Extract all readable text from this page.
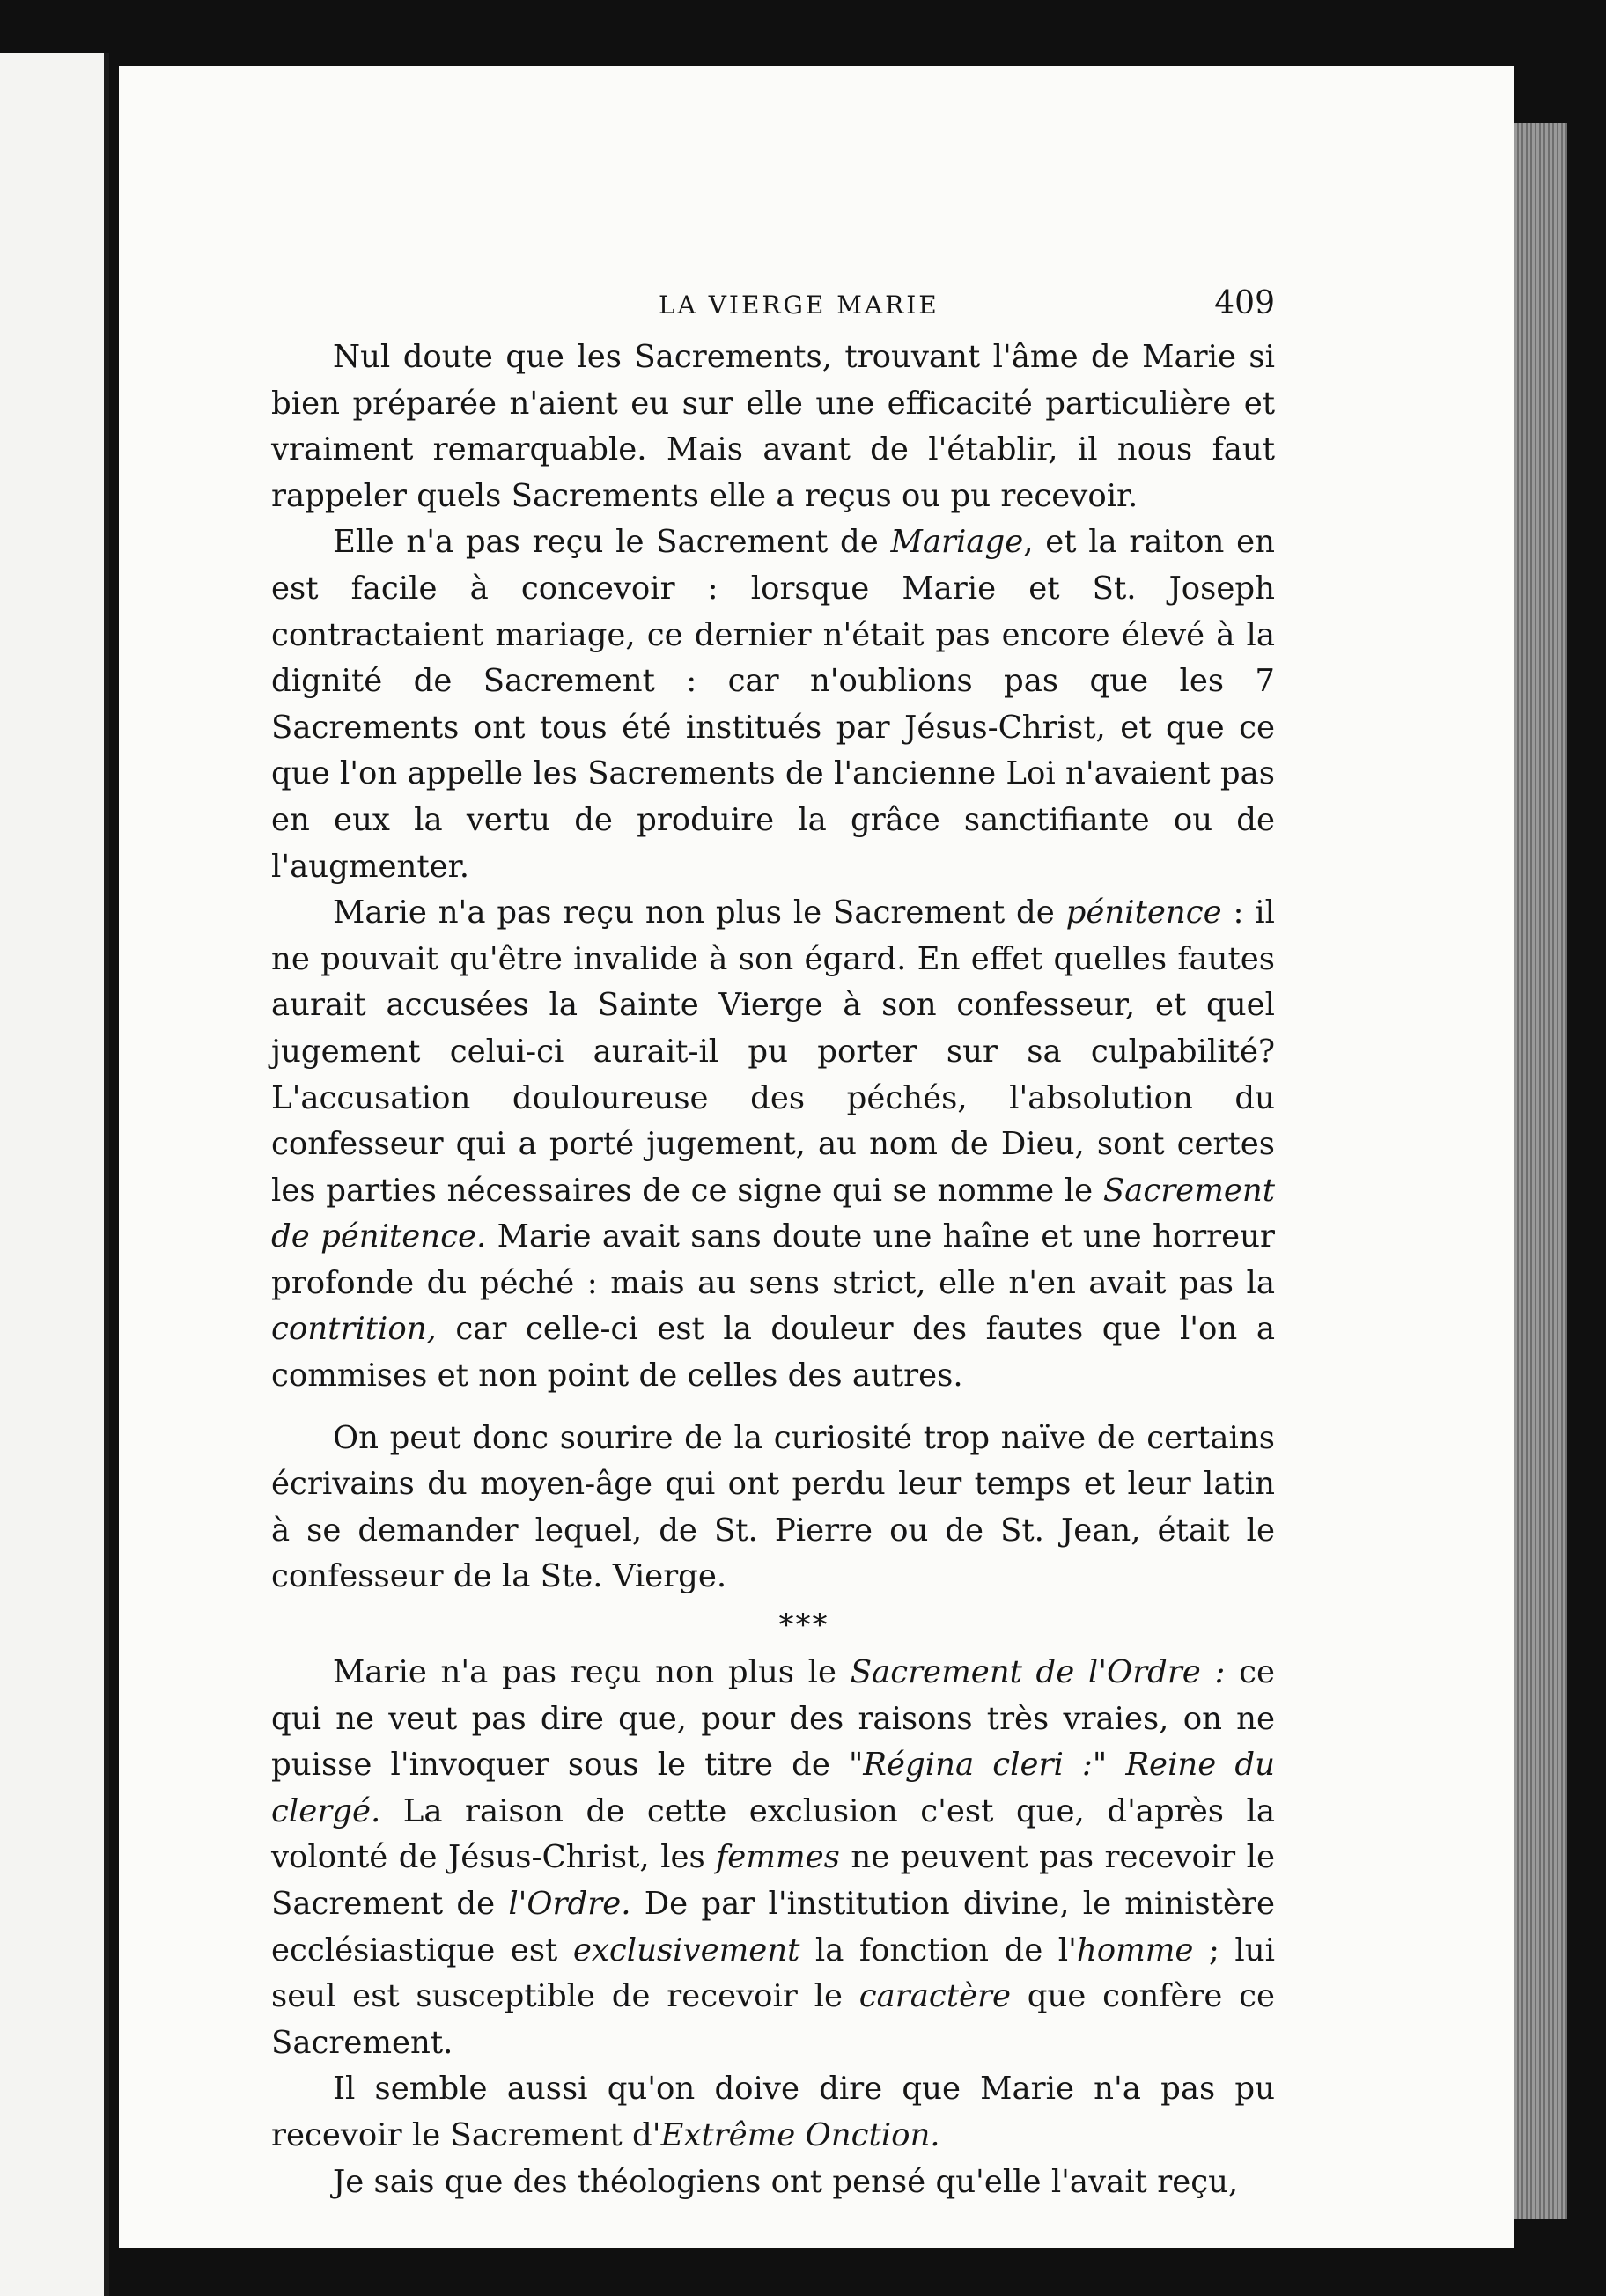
LA VIERGE MARIE	409

Nul doute que les Sacrements, trouvant l'âme de Marie si bien préparée n'aient eu sur elle une efficacité particulière et vraiment remarquable. Mais avant de l'établir, il nous faut rappeler quels Sacrements elle a reçus ou pu recevoir.

Elle n'a pas reçu le Sacrement de Mariage, et la raiton en est facile à concevoir : lorsque Marie et St. Joseph contractaient mariage, ce dernier n'était pas encore élevé à la dignité de Sacrement : car n'oublions pas que les 7 Sacrements ont tous été institués par Jésus-Christ, et que ce que l'on appelle les Sacrements de l'ancienne Loi n'avaient pas en eux la vertu de produire la grâce sanctifiante ou de l'augmenter.

Marie n'a pas reçu non plus le Sacrement de pénitence : il ne pouvait qu'être invalide à son égard. En effet quelles fautes aurait accusées la Sainte Vierge à son confesseur, et quel jugement celui-ci aurait-il pu porter sur sa culpabilité? L'accusation douloureuse des péchés, l'absolution du confesseur qui a porté jugement, au nom de Dieu, sont certes les parties nécessaires de ce signe qui se nomme le Sacrement de pénitence. Marie avait sans doute une haîne et une horreur profonde du péché : mais au sens strict, elle n'en avait pas la contrition, car celle-ci est la douleur des fautes que l'on a commises et non point de celles des autres.

On peut donc sourire de la curiosité trop naïve de certains écrivains du moyen-âge qui ont perdu leur temps et leur latin à se demander lequel, de St. Pierre ou de St. Jean, était le confesseur de la Ste. Vierge.

***

Marie n'a pas reçu non plus le Sacrement de l'Ordre : ce qui ne veut pas dire que, pour des raisons très vraies, on ne puisse l'invoquer sous le titre de "Régina cleri :" Reine du clergé. La raison de cette exclusion c'est que, d'après la volonté de Jésus-Christ, les femmes ne peuvent pas recevoir le Sacrement de l'Ordre. De par l'institution divine, le ministère ecclésiastique est exclusivement la fonction de l'homme ; lui seul est susceptible de recevoir le caractère que confère ce Sacrement.

Il semble aussi qu'on doive dire que Marie n'a pas pu recevoir le Sacrement d'Extrême Onction.

Je sais que des théologiens ont pensé qu'elle l'avait reçu,
